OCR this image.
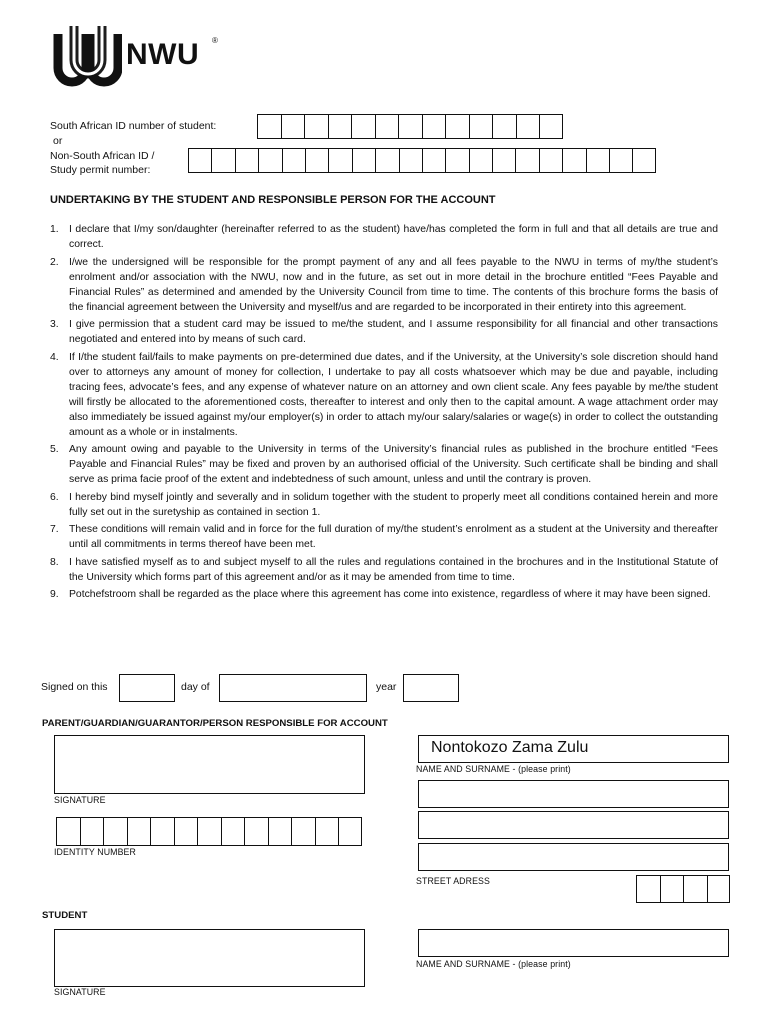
NWU ®
South African ID number of student:
or
Non-South African ID /
Study permit number:
UNDERTAKING BY THE STUDENT AND RESPONSIBLE PERSON FOR THE ACCOUNT
1. I declare that I/my son/daughter (hereinafter referred to as the student) have/has completed the form in full and that all details are true and correct.
2. I/we the undersigned will be responsible for the prompt payment of any and all fees payable to the NWU in terms of my/the student’s enrolment and/or association with the NWU, now and in the future, as set out in more detail in the brochure entitled “Fees Payable and Financial Rules” as determined and amended by the University Council from time to time. The contents of this brochure forms the basis of the financial agreement between the University and myself/us and are regarded to be incorporated in their entirety into this agreement.
3. I give permission that a student card may be issued to me/the student, and I assume responsibility for all financial and other transactions negotiated and entered into by means of such card.
4. If I/the student fail/fails to make payments on pre-determined due dates, and if the University, at the University’s sole discretion should hand over to attorneys any amount of money for collection, I undertake to pay all costs whatsoever which may be due and payable, including tracing fees, advocate’s fees, and any expense of whatever nature on an attorney and own client scale. Any fees payable by me/the student will firstly be allocated to the aforementioned costs, thereafter to interest and only then to the capital amount. A wage attachment order may also immediately be issued against my/our employer(s) in order to attach my/our salary/salaries or wage(s) in order to collect the outstanding amount as a whole or in instalments.
5. Any amount owing and payable to the University in terms of the University’s financial rules as published in the brochure entitled “Fees Payable and Financial Rules” may be fixed and proven by an authorised official of the University. Such certificate shall be binding and shall serve as prima facie proof of the extent and indebtedness of such amount, unless and until the contrary is proven.
6. I hereby bind myself jointly and severally and in solidum together with the student to properly meet all conditions contained herein and more fully set out in the suretyship as contained in section 1.
7. These conditions will remain valid and in force for the full duration of my/the student’s enrolment as a student at the University and thereafter until all commitments in terms thereof have been met.
8. I have satisfied myself as to and subject myself to all the rules and regulations contained in the brochures and in the Institutional Statute of the University which forms part of this agreement and/or as it may be amended from time to time.
9. Potchefstroom shall be regarded as the place where this agreement has come into existence, regardless of where it may have been signed.
Signed on this	day of	year
PARENT/GUARDIAN/GUARANTOR/PERSON RESPONSIBLE FOR ACCOUNT
SIGNATURE
IDENTITY NUMBER
Nontokozo Zama Zulu
NAME AND SURNAME - (please print)
STREET ADRESS
STUDENT
SIGNATURE
NAME AND SURNAME - (please print)
